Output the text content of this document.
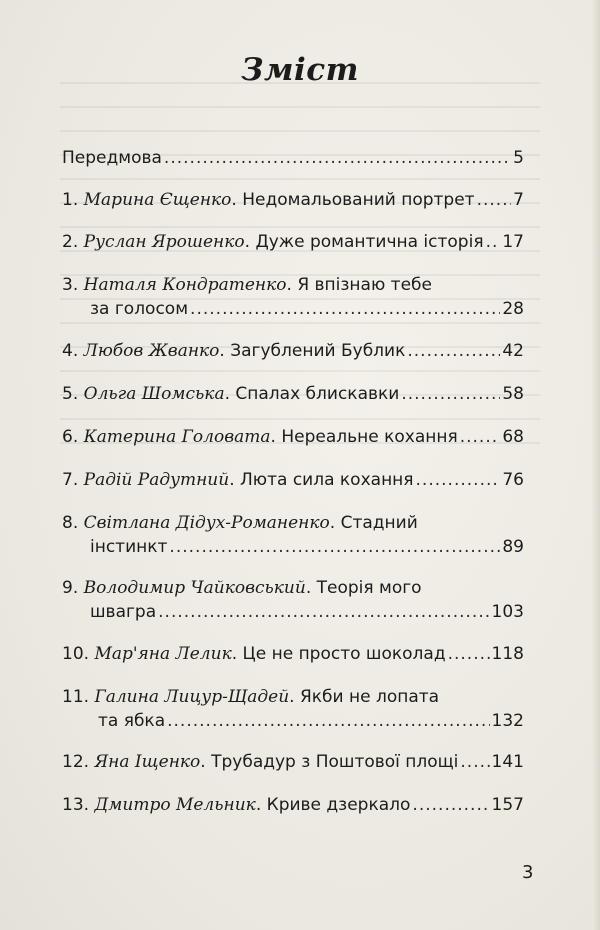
Зміст
Передмова .....	5
1.
Марина Єщенко . Недомальований портрет ..... 7
2.
Руслан Ярошенко . Дуже романтична історія ..... 17
3.
Наталя Кондратенко . Я впізнаю тебе
за голосом .....	28
4.
Любов Жванко . Загублений Бублик .....	42
5.
Ольга Шомська . Спалах блискавки .....	58
6.
Катерина Головата . Нереальне кохання .....	68
7.
Радій Радутний . Люта сила кохання .....	76
8.
Світлана Дідух-Романенко . Стадний
інстинкт .....	89
9.
Володимир Чайковський . Теорія мого
швагра .....	103
10.
Мар'яна Лелик . Це не просто шоколад .....	118
11.
Галина Лицур-Щадей . Якби не лопата
та ябка .....	132
12.
Яна Іщенко . Трубадур з Поштової площі ..... 141
13.
Дмитро Мельник . Криве дзеркало .....	157
3
